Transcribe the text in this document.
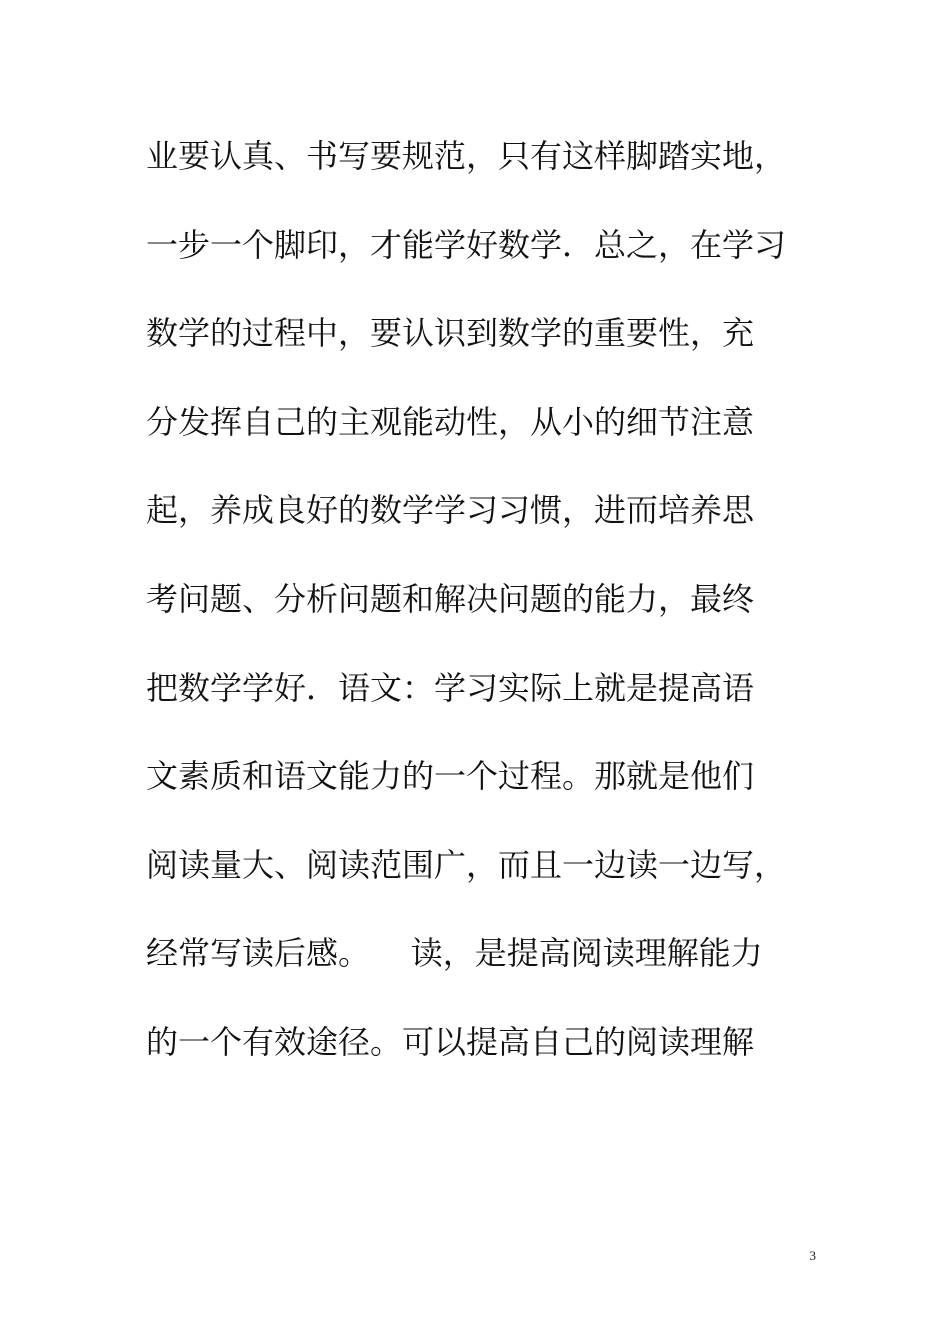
业要认真、书写要规范，只有这样脚踏实地，
一步一个脚印，才能学好数学．总之，在学习
数学的过程中，要认识到数学的重要性，充
分发挥自己的主观能动性，从小的细节注意
起，养成良好的数学学习习惯，进而培养思
考问题、分析问题和解决问题的能力，最终
把数学学好．语文：学习实际上就是提高语
文素质和语文能力的一个过程。那就是他们
阅读量大、阅读范围广，而且一边读一边写，
经常写读后感。    读，是提高阅读理解能力
的一个有效途径。可以提高自己的阅读理解
3
